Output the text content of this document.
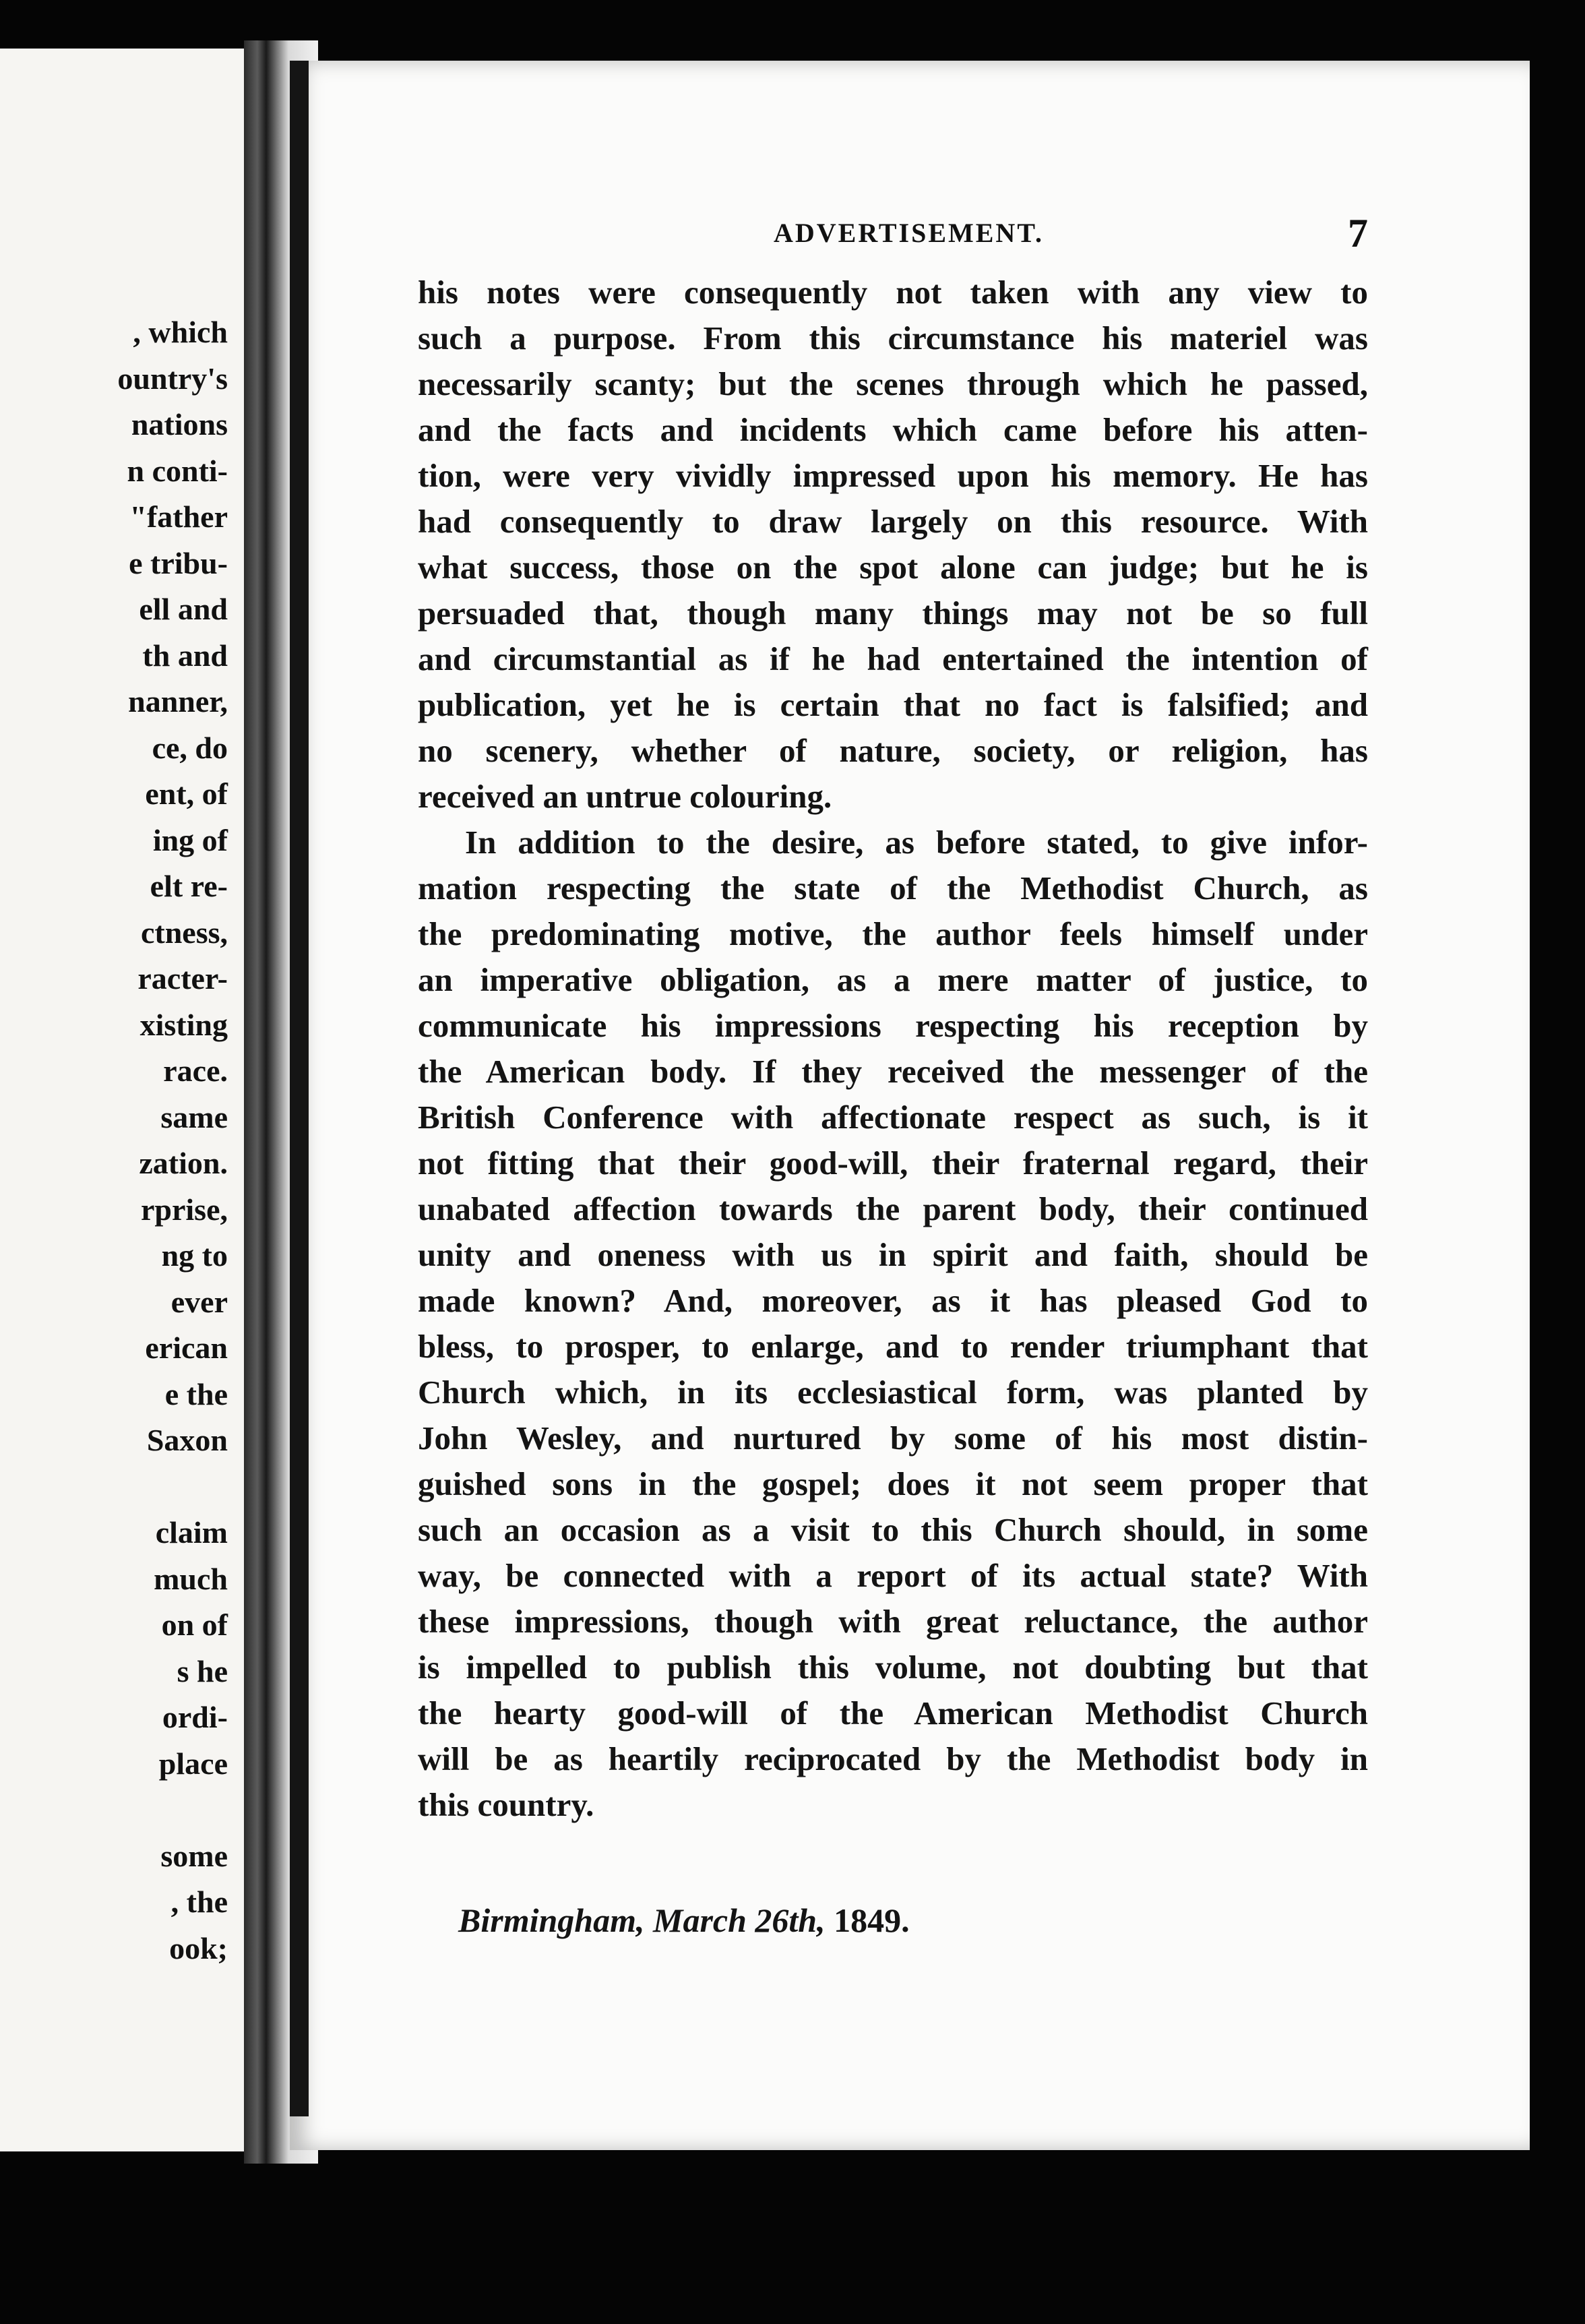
, which
ountry's
nations
n conti-
"father
e tribu-
ell and
th and
nanner,
ce, do
ent, of
ing of
elt re-
ctness,
racter-
xisting
race.
same
zation.
rprise,
ng to
ever
erican
e the
Saxon
claim
much
on of
s he
ordi-
place
some
, the
ook;
ADVERTISEMENT.	7
his notes were consequently not taken with any view to
such a purpose. From this circumstance his materiel was
necessarily scanty; but the scenes through which he passed,
and the facts and incidents which came before his atten-
tion, were very vividly impressed upon his memory. He has
had consequently to draw largely on this resource. With
what success, those on the spot alone can judge; but he is
persuaded that, though many things may not be so full
and circumstantial as if he had entertained the intention of
publication, yet he is certain that no fact is falsified; and
no scenery, whether of nature, society, or religion, has
received an untrue colouring.
In addition to the desire, as before stated, to give infor-
mation respecting the state of the Methodist Church, as
the predominating motive, the author feels himself under
an imperative obligation, as a mere matter of justice, to
communicate his impressions respecting his reception by
the American body. If they received the messenger of the
British Conference with affectionate respect as such, is it
not fitting that their good-will, their fraternal regard, their
unabated affection towards the parent body, their continued
unity and oneness with us in spirit and faith, should be
made known? And, moreover, as it has pleased God to
bless, to prosper, to enlarge, and to render triumphant that
Church which, in its ecclesiastical form, was planted by
John Wesley, and nurtured by some of his most distin-
guished sons in the gospel; does it not seem proper that
such an occasion as a visit to this Church should, in some
way, be connected with a report of its actual state? With
these impressions, though with great reluctance, the author
is impelled to publish this volume, not doubting but that
the hearty good-will of the American Methodist Church
will be as heartily reciprocated by the Methodist body in
this country.
Birmingham, March 26th, 1849.
